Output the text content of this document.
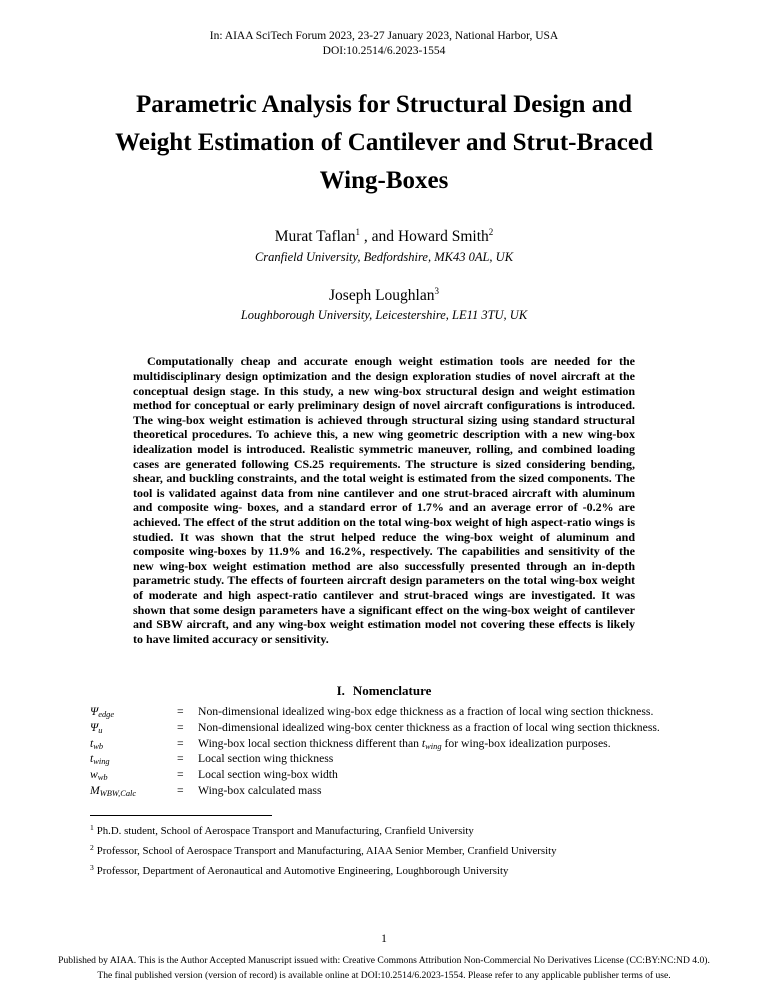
In: AIAA SciTech Forum 2023, 23-27 January 2023, National Harbor, USA
DOI:10.2514/6.2023-1554
Parametric Analysis for Structural Design and Weight Estimation of Cantilever and Strut-Braced Wing-Boxes
Murat Taflan$^1$ , and Howard Smith$^2$
Cranfield University, Bedfordshire, MK43 0AL, UK
Joseph Loughlan$^3$
Loughborough University, Leicestershire, LE11 3TU, UK

Computationally cheap and accurate enough weight estimation tools are needed for the multidisciplinary design optimization and the design exploration studies of novel aircraft at the conceptual design stage. In this study, a new wing-box structural design and weight estimation method for conceptual or early preliminary design of novel aircraft configurations is introduced. The wing-box weight estimation is achieved through structural sizing using standard structural theoretical procedures. To achieve this, a new wing geometric description with a new wing-box idealization model is introduced. Realistic symmetric maneuver, rolling, and combined loading cases are generated following CS.25 requirements. The structure is sized considering bending, shear, and buckling constraints, and the total weight is estimated from the sized components. The tool is validated against data from nine cantilever and one strut-braced aircraft with aluminum and composite wing- boxes, and a standard error of 1.7% and an average error of -0.2% are achieved. The effect of the strut addition on the total wing-box weight of high aspect-ratio wings is studied. It was shown that the strut helped reduce the wing-box weight of aluminum and composite wing-boxes by 11.9% and 16.2%, respectively. The capabilities and sensitivity of the new wing-box weight estimation method are also successfully presented through an in-depth parametric study. The effects of fourteen aircraft design parameters on the total wing-box weight of moderate and high aspect-ratio cantilever and strut-braced wings are investigated. It was shown that some design parameters have a significant effect on the wing-box weight of cantilever and SBW aircraft, and any wing-box weight estimation model not covering these effects is likely to have limited accuracy or sensitivity.

I. Nomenclature
$\Psi_{edge}$	= Non-dimensional idealized wing-box edge thickness as a fraction of local wing section thickness.
$\Psi_u$	= Non-dimensional idealized wing-box center thickness as a fraction of local wing section thickness.
$t_{wb}$	= Wing-box local section thickness different than $t_{wing}$ for wing-box idealization purposes.
$t_{wing}$	= Local section wing thickness
$w_{wb}$	= Local section wing-box width
$M_{WBW,Calc}$	= Wing-box calculated mass
$^1$ Ph.D. student, School of Aerospace Transport and Manufacturing, Cranfield University
$^2$ Professor, School of Aerospace Transport and Manufacturing, AIAA Senior Member, Cranfield University
$^3$ Professor, Department of Aeronautical and Automotive Engineering, Loughborough University
1
Published by AIAA. This is the Author Accepted Manuscript issued with: Creative Commons Attribution Non-Commercial No Derivatives License (CC:BY:NC:ND 4.0).
The final published version (version of record) is available online at DOI:10.2514/6.2023-1554. Please refer to any applicable publisher terms of use.
